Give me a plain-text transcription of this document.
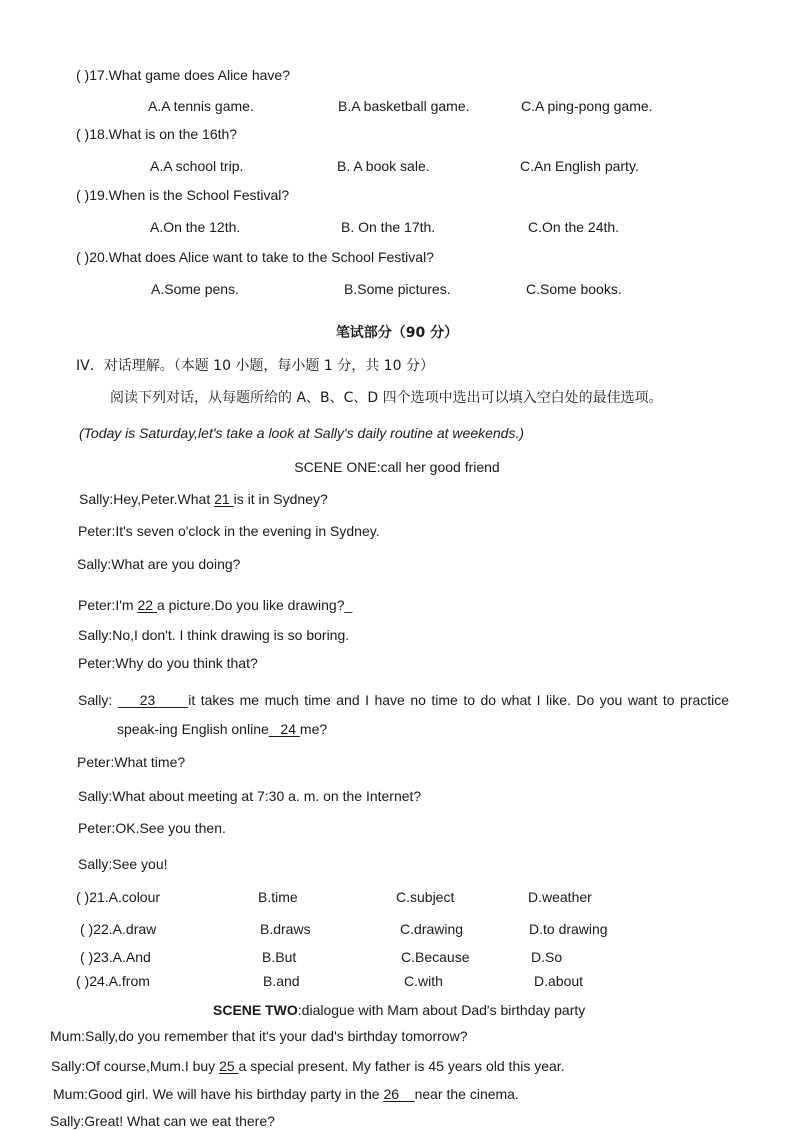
( )17.What game does Alice have?
A.A tennis game.	B.A basketball game.	C.A ping-pong game.
( )18.What is on the 16th?
A.A school trip.	B. A book sale.	C.An English party.
( )19.When is the School Festival?
A.On the 12th.	B. On the 17th.	C.On the 24th.
( )20.What does Alice want to take to the School Festival?
A.Some pens.	B.Some pictures.	C.Some books.
笔试部分（90 分）
IV．对话理解。（本题 10 小题，每小题 1 分，共 10 分）
阅读下列对话，从每题所给的 A、B、C、D 四个选项中选出可以填入空白处的最佳选项。
(Today is Saturday,let's take a look at Sally's daily routine at weekends.)
SCENE ONE:call her good friend
Sally:Hey,Peter.What 21 is it in Sydney?
Peter:It's seven o'clock in the evening in Sydney.
Sally:What are you doing?
Peter:I'm 22 a picture.Do you like drawing?_
Sally:No,I don't. I think drawing is so boring.
Peter:Why do you think that?
Sally:     23      it takes me much time and I have no time to do what I like. Do you want to practice
speak-ing English online   24 me?
Peter:What time?
Sally:What about meeting at 7:30 a. m. on the Internet?
Peter:OK.See you then.
Sally:See you!
( )21.A.colour	B.time	C.subject	D.weather
( )22.A.draw	B.draws	C.drawing	D.to drawing
( )23.A.And	B.But	C.Because	D.So
( )24.A.from	B.and	C.with	D.about
SCENE TWO:dialogue with Mam about Dad's birthday party
Mum:Sally,do you remember that it's your dad's birthday tomorrow?
Sally:Of course,Mum.I buy 25 a special present. My father is 45 years old this year.
Mum:Good girl. We will have his birthday party in the 26    near the cinema.
Sally:Great! What can we eat there?
